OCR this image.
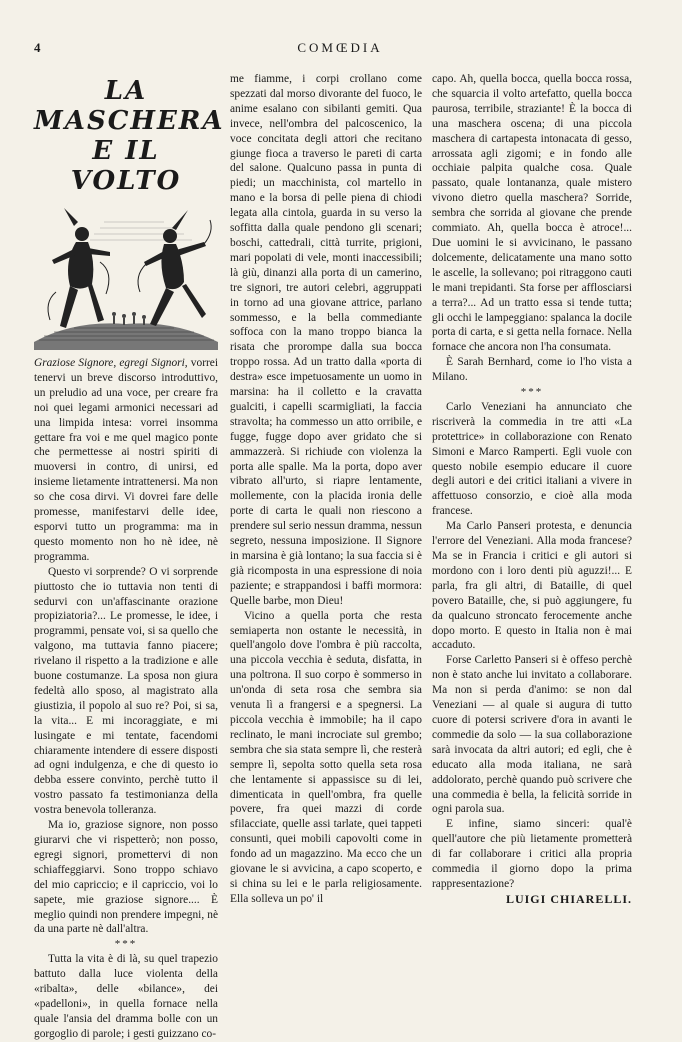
4	COMŒDIA
LA MASCHERA
E IL VOLTO

Graziose Signore, egregi Signori, vorrei tenervi un breve discorso introduttivo, un preludio ad una voce, per creare fra noi quei legami armonici necessari ad una limpida intesa: vorrei insomma gettare fra voi e me quel magico ponte che permettesse ai nostri spiriti di muoversi in contro, di unirsi, ed insieme lietamente intrattenersi. Ma non so che cosa dirvi. Vi dovrei fare delle promesse, manifestarvi delle idee, esporvi tutto un programma: ma in questo momento non ho nè idee, nè programma.

Questo vi sorprende? O vi sorprende piuttosto che io tuttavia non tenti di sedurvi con un'affascinante orazione propiziatoria?... Le promesse, le idee, i programmi, pensate voi, si sa quello che valgono, ma tuttavia fanno piacere; rivelano il rispetto a la tradizione e alle buone costumanze. La sposa non giura fedeltà allo sposo, al magistrato alla giustizia, il popolo al suo re? Poi, si sa, la vita... E mi incoraggiate, e mi lusingate e mi tentate, facendomi chiaramente intendere di essere disposti ad ogni indulgenza, e che di questo io debba essere convinto, perchè tutto il vostro passato fa testimonianza della vostra benevola tolleranza.

Ma io, graziose signore, non posso giurarvi che vi rispetterò; non posso, egregi signori, promettervi di non schiaffeggiarvi. Sono troppo schiavo del mio capriccio; e il capriccio, voi lo sapete, mie graziose signore.... È meglio quindi non prendere impegni, nè da una parte nè dall'altra.

***

Tutta la vita è di là, su quel trapezio battuto dalla luce violenta della «ribalta», delle «bilance», dei «padelloni», in quella fornace nella quale l'ansia del dramma bolle con un gorgoglio di parole; i gesti guizzano co-

me fiamme, i corpi crollano come spezzati dal morso divorante del fuoco, le anime esalano con sibilanti gemiti. Qua invece, nell'ombra del palcoscenico, la voce concitata degli attori che recitano giunge fioca a traverso le pareti di carta del salone. Qualcuno passa in punta di piedi; un macchinista, col martello in mano e la borsa di pelle piena di chiodi legata alla cintola, guarda in su verso la soffitta dalla quale pendono gli scenari; boschi, cattedrali, città turrite, prigioni, mari popolati di vele, monti inaccessibili; là giù, dinanzi alla porta di un camerino, tre signori, tre autori celebri, aggruppati in torno ad una giovane attrice, parlano sommesso, e la bella commediante soffoca con la mano troppo bianca la risata che prorompe dalla sua bocca troppo rossa. Ad un tratto dalla «porta di destra» esce impetuosamente un uomo in marsina: ha il colletto e la cravatta gualciti, i capelli scarmigliati, la faccia stravolta; ha commesso un atto orribile, e fugge, fugge dopo aver gridato che si ammazzerà. Si richiude con violenza la porta alle spalle. Ma la porta, dopo aver vibrato all'urto, si riapre lentamente, mollemente, con la placida ironia delle porte di carta le quali non riescono a prendere sul serio nessun dramma, nessun segreto, nessuna imposizione. Il Signore in marsina è già lontano; la sua faccia si è già ricomposta in una espressione di noia paziente; e strappandosi i baffi mormora: Quelle barbe, mon Dieu!

Vicino a quella porta che resta semiaperta non ostante le necessità, in quell'angolo dove l'ombra è più raccolta, una piccola vecchia è seduta, disfatta, in una poltrona. Il suo corpo è sommerso in un'onda di seta rosa che sembra sia venuta lì a frangersi e a spegnersi. La piccola vecchia è immobile; ha il capo reclinato, le mani incrociate sul grembo; sembra che sia stata sempre lì, che resterà sempre lì, sepolta sotto quella seta rosa che lentamente si appassisce su di lei, dimenticata in quell'ombra, fra quelle povere, fra quei mazzi di corde sfilacciate, quelle assi tarlate, quei tappeti consunti, quei mobili capovolti come in fondo ad un magazzino. Ma ecco che un giovane le si avvicina, a capo scoperto, e si china su lei e le parla religiosamente. Ella solleva un po' il

capo. Ah, quella bocca, quella bocca rossa, che squarcia il volto artefatto, quella bocca paurosa, terribile, straziante! È la bocca di una maschera oscena; di una piccola maschera di cartapesta intonacata di gesso, arrossata agli zigomi; e in fondo alle occhiaie palpita qualche cosa. Quale passato, quale lontananza, quale mistero vivono dietro quella maschera? Sorride, sembra che sorrida al giovane che prende commiato. Ah, quella bocca è atroce!... Due uomini le si avvicinano, le passano dolcemente, delicatamente una mano sotto le ascelle, la sollevano; poi ritraggono cauti le mani trepidanti. Sta forse per afflosciarsi a terra?... Ad un tratto essa si tende tutta; gli occhi le lampeggiano: spalanca la docile porta di carta, e si getta nella fornace. Nella fornace che ancora non l'ha consumata.

È Sarah Bernhard, come io l'ho vista a Milano.

***

Carlo Veneziani ha annunciato che riscriverà la commedia in tre atti «La protettrice» in collaborazione con Renato Simoni e Marco Ramperti. Egli vuole con questo nobile esempio educare il cuore degli autori e dei critici italiani a vivere in affettuoso consorzio, e cioè alla moda francese.

Ma Carlo Panseri protesta, e denuncia l'errore del Veneziani. Alla moda francese? Ma se in Francia i critici e gli autori si mordono con i loro denti più aguzzi!... E parla, fra gli altri, di Bataille, di quel povero Bataille, che, si può aggiungere, fu da qualcuno stroncato ferocemente anche dopo morto. E questo in Italia non è mai accaduto.

Forse Carletto Panseri si è offeso perchè non è stato anche lui invitato a collaborare. Ma non si perda d'animo: se non dal Veneziani — al quale si augura di tutto cuore di potersi scrivere d'ora in avanti le commedie da solo — la sua collaborazione sarà invocata da altri autori; ed egli, che è educato alla moda italiana, ne sarà addolorato, perchè quando può scrivere che una commedia è bella, la felicità sorride in ogni parola sua.

E infine, siamo sinceri: qual'è quell'autore che più lietamente prometterà di far collaborare i critici alla propria commedia il giorno dopo la prima rappresentazione?

LUIGI CHIARELLI.
